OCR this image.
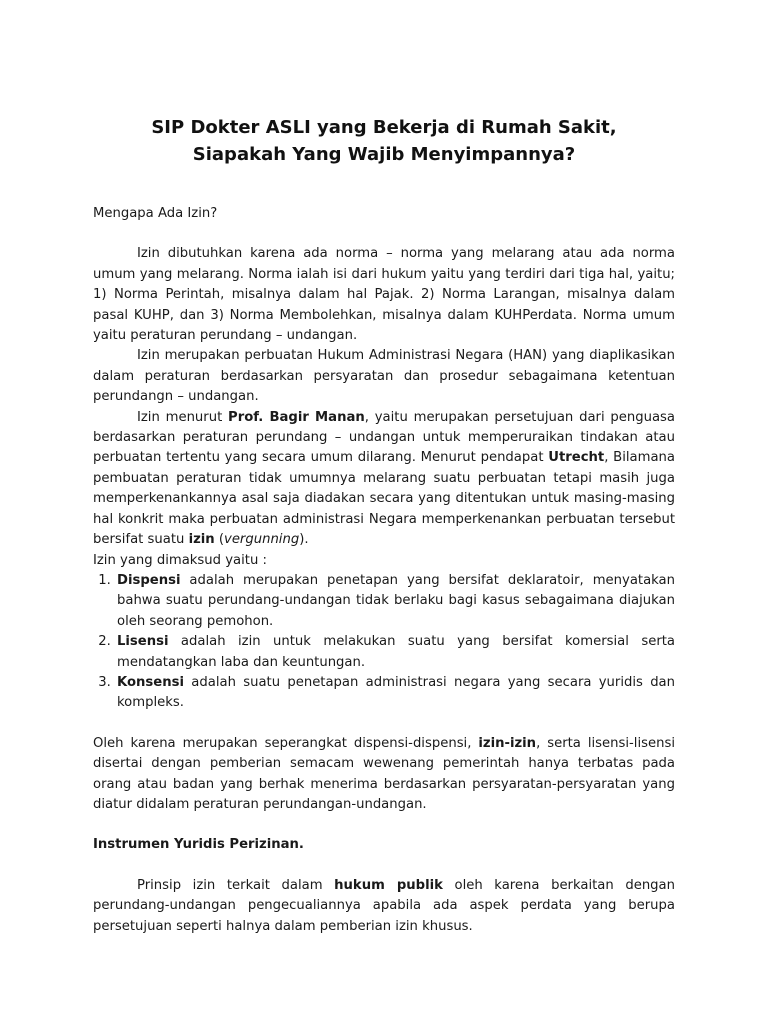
SIP Dokter ASLI yang Bekerja di Rumah Sakit,
Siapakah Yang Wajib Menyimpannya?
Mengapa Ada Izin?

Izin dibutuhkan karena ada norma – norma yang melarang atau ada norma umum yang melarang. Norma ialah isi dari hukum yaitu yang terdiri dari tiga hal, yaitu; 1) Norma Perintah, misalnya dalam hal Pajak. 2) Norma Larangan, misalnya dalam pasal KUHP, dan 3) Norma Membolehkan, misalnya dalam KUHPerdata. Norma umum yaitu peraturan perundang – undangan.

Izin merupakan perbuatan Hukum Administrasi Negara (HAN) yang diaplikasikan dalam peraturan berdasarkan persyaratan dan prosedur sebagaimana ketentuan perundangn – undangan.

Izin menurut Prof. Bagir Manan, yaitu merupakan persetujuan dari penguasa berdasarkan peraturan perundang – undangan untuk memperuraikan tindakan atau perbuatan tertentu yang secara umum dilarang. Menurut pendapat Utrecht, Bilamana pembuatan peraturan tidak umumnya melarang suatu perbuatan tetapi masih juga memperkenankannya asal saja diadakan secara yang ditentukan untuk masing-masing hal konkrit maka perbuatan administrasi Negara memperkenankan perbuatan tersebut bersifat suatu izin (vergunning).

Izin yang dimaksud yaitu :

1. Dispensi adalah merupakan penetapan yang bersifat deklaratoir, menyatakan bahwa suatu perundang-undangan tidak berlaku bagi kasus sebagaimana diajukan oleh seorang pemohon.
2. Lisensi adalah izin untuk melakukan suatu yang bersifat komersial serta mendatangkan laba dan keuntungan.
3. Konsensi adalah suatu penetapan administrasi negara yang secara yuridis dan kompleks.

Oleh karena merupakan seperangkat dispensi-dispensi, izin-izin, serta lisensi-lisensi disertai dengan pemberian semacam wewenang pemerintah hanya terbatas pada orang atau badan yang berhak menerima berdasarkan persyaratan-persyaratan yang diatur didalam peraturan perundangan-undangan.

Instrumen Yuridis Perizinan.

Prinsip izin terkait dalam hukum publik oleh karena berkaitan dengan perundang-undangan pengecualiannya apabila ada aspek perdata yang berupa persetujuan seperti halnya dalam pemberian izin khusus.
